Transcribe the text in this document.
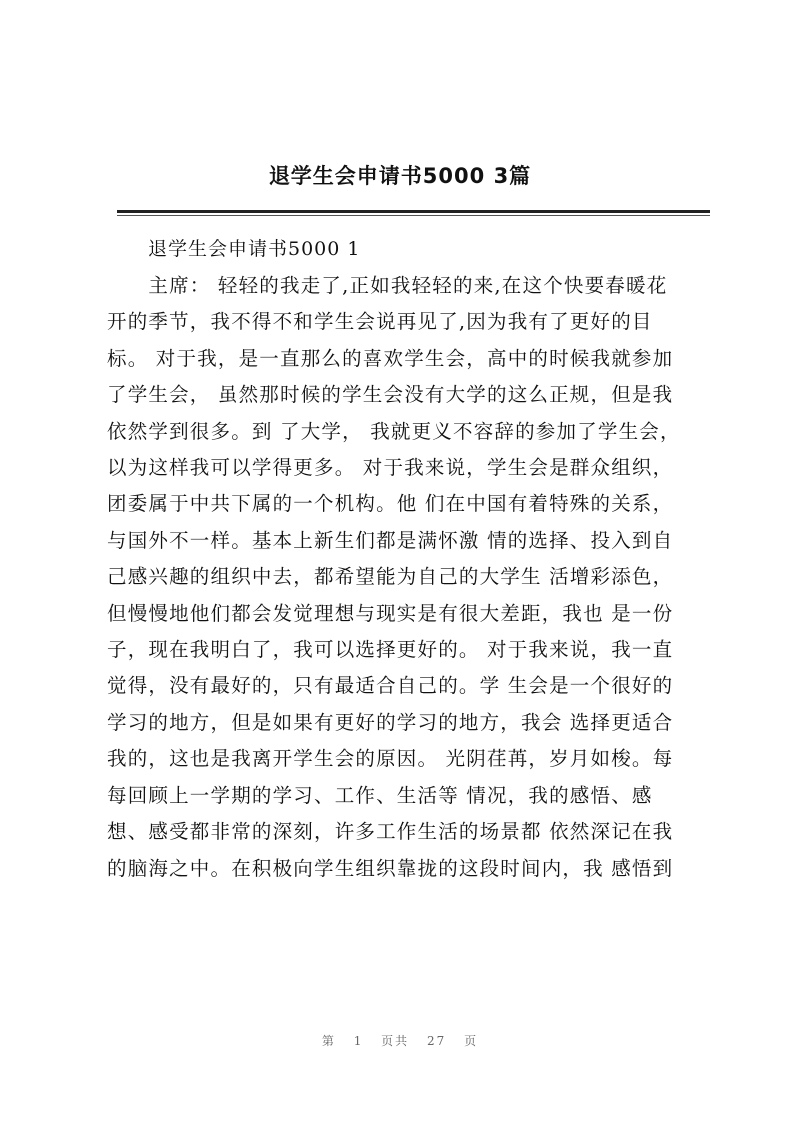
退学生会申请书5000 3篇
退学生会申请书5000 1
　　主席： 轻轻的我走了,正如我轻轻的来,在这个快要春暖花
开的季节，我不得不和学生会说再见了,因为我有了更好的目
标。 对于我，是一直那么的喜欢学生会，高中的时候我就参加
了学生会， 虽然那时候的学生会没有大学的这么正规，但是我
依然学到很多。到 了大学， 我就更义不容辞的参加了学生会，
以为这样我可以学得更多。 对于我来说，学生会是群众组织，
团委属于中共下属的一个机构。他 们在中国有着特殊的关系，
与国外不一样。基本上新生们都是满怀激 情的选择、投入到自
己感兴趣的组织中去，都希望能为自己的大学生 活增彩添色，
但慢慢地他们都会发觉理想与现实是有很大差距，我也 是一份
子，现在我明白了，我可以选择更好的。 对于我来说，我一直
觉得，没有最好的，只有最适合自己的。学 生会是一个很好的
学习的地方，但是如果有更好的学习的地方，我会 选择更适合
我的，这也是我离开学生会的原因。 光阴荏苒，岁月如梭。每
每回顾上一学期的学习、工作、生活等 情况，我的感悟、感
想、感受都非常的深刻，许多工作生活的场景都 依然深记在我
的脑海之中。在积极向学生组织靠拢的这段时间内，我 感悟到
第 1 页共 27 页
